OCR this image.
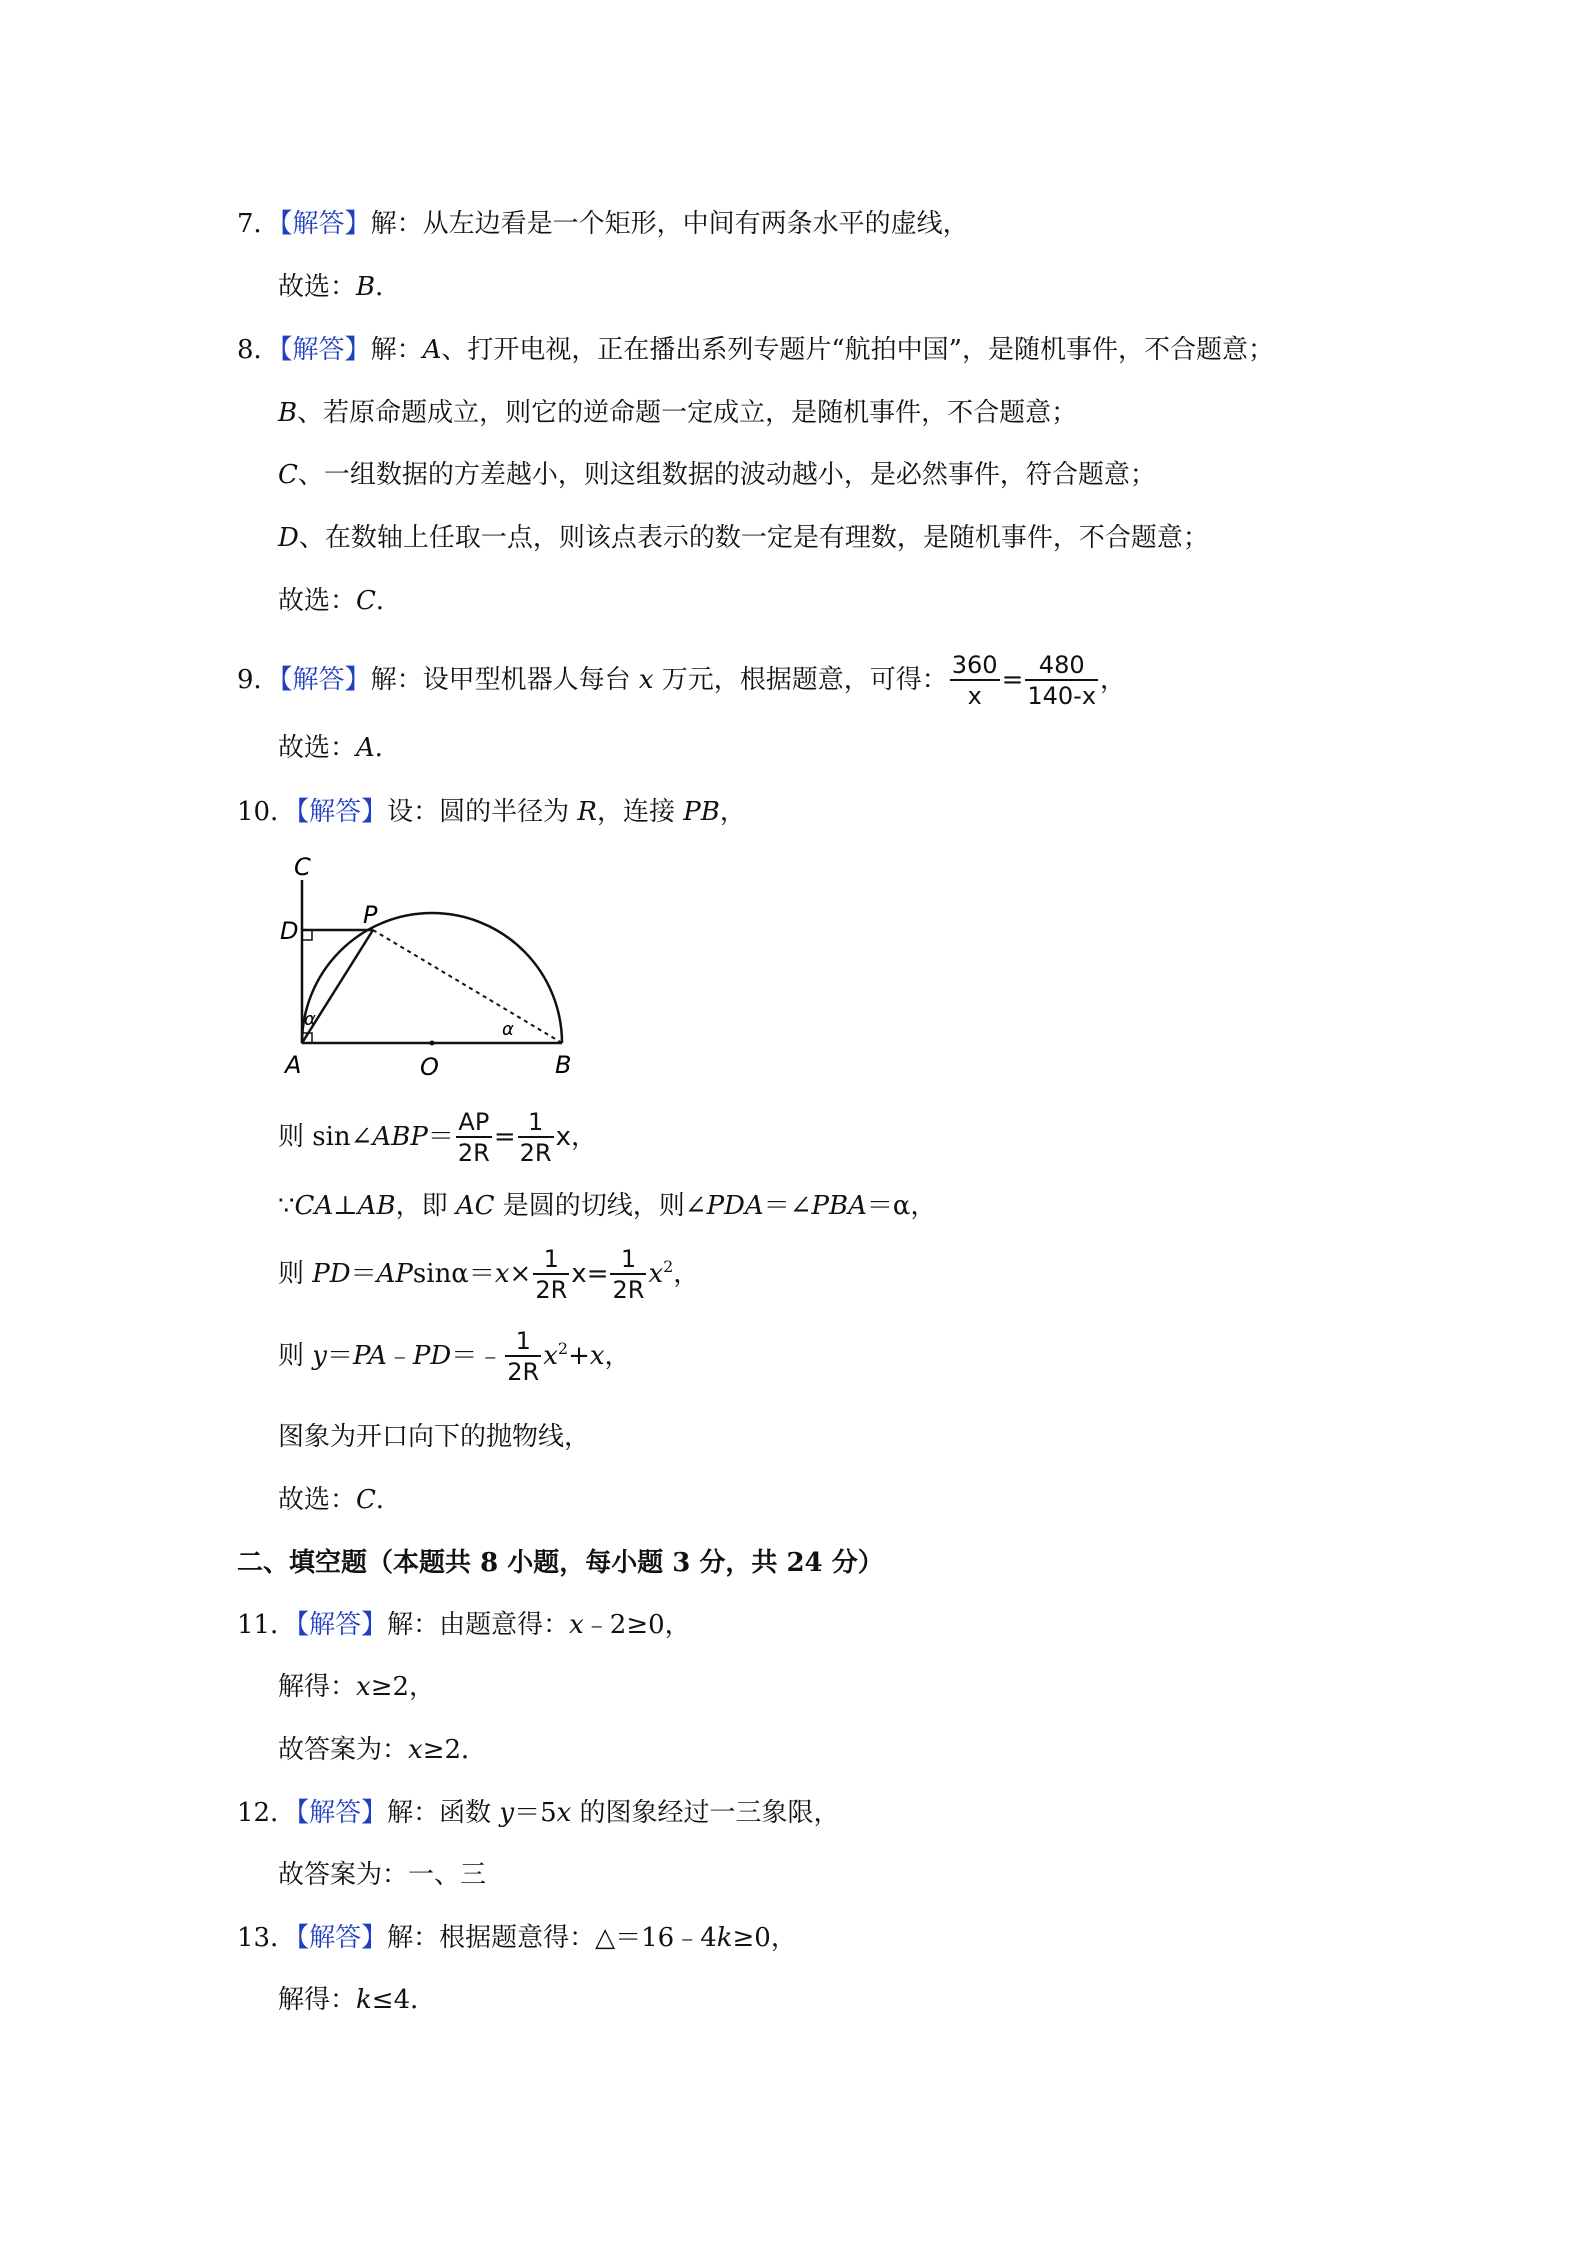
7．【解答】解：从左边看是一个矩形，中间有两条水平的虚线，
故选：B．
8．【解答】解：A、打开电视，正在播出系列专题片“航拍中国”，是随机事件，不合题意；
B、若原命题成立，则它的逆命题一定成立，是随机事件，不合题意；
C、一组数据的方差越小，则这组数据的波动越小，是必然事件，符合题意；
D、在数轴上任取一点，则该点表示的数一定是有理数，是随机事件，不合题意；
故选：C．
9．【解答】解：设甲型机器人每台 x 万元，根据题意，可得： $\frac{360}{x} = \frac{480}{140-x}$ ，
故选：A．
10．【解答】设：圆的半径为 R，连接 PB，
C
D
P
A	O	B
α	α
则 sin∠ABP＝ $\frac{AP}{2R} = \frac{1}{2R}$ x，
∵CA⊥AB，即 AC 是圆的切线，则∠PDA＝∠PBA＝α，
则 $PD=APsin\alpha=x\times \frac{1}{2R} x= \frac{1}{2R} x^2$，
则 y＝PA﹣PD＝﹣ $\frac{1}{2R} x^2+x$，
图象为开口向下的抛物线，
故选：C．
二、填空题（本题共 8 小题，每小题 3 分，共 24 分）
11．【解答】解：由题意得：x﹣2≥0，
解得：x≥2，
故答案为：x≥2．
12．【解答】解：函数 y＝5x 的图象经过一三象限，
故答案为：一、三
13．【解答】解：根据题意得：△＝16﹣4k≥0，
解得：k≤4．
